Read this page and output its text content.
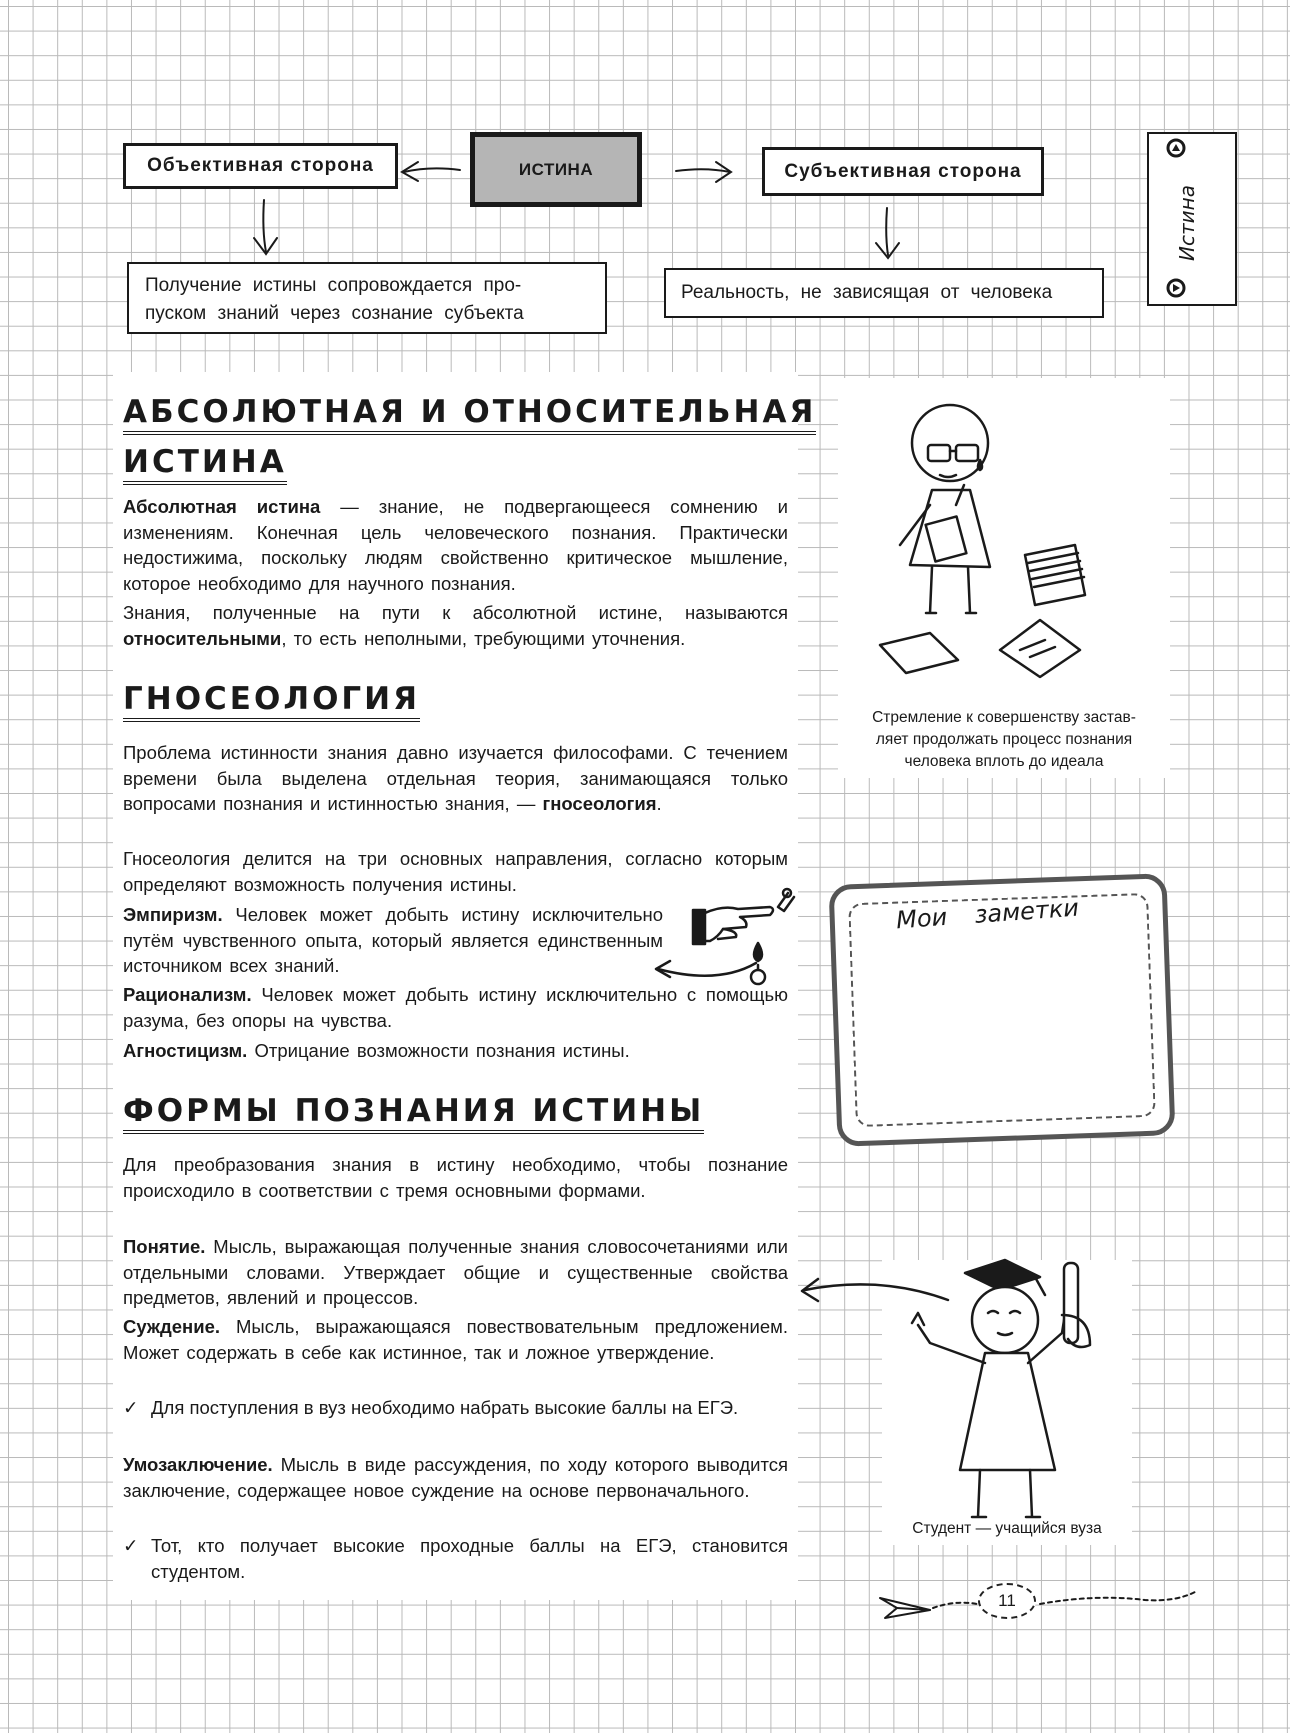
Объективная сторона	ИСТИНА	Субъективная сторона
Получение истины сопровождается про-
пуском знаний через сознание субъекта
Реальность, не зависящая от человека
Истина
АБСОЛЮТНАЯ И ОТНОСИТЕЛЬНАЯ
ИСТИНА
Абсолютная истина — знание, не подвергающееся сомнению и изменениям. Конечная цель человеческого познания. Практически недостижима, поскольку людям свойственно критическое мышление, которое необходимо для научного познания.
Знания, полученные на пути к абсолютной истине, называются относительными, то есть неполными, требующими уточнения.
ГНОСЕОЛОГИЯ
Проблема истинности знания давно изучается философами. С течением времени была выделена отдельная теория, занимающаяся только вопросами познания и истинностью знания, — гносеология.
Гносеология делится на три основных направления, согласно которым определяют возможность получения истины.
Эмпиризм. Человек может добыть истину исключительно путём чувственного опыта, который является единственным источником всех знаний.
Рационализм. Человек может добыть истину исключительно с помощью разума, без опоры на чувства.
Агностицизм. Отрицание возможности познания истины.
ФОРМЫ ПОЗНАНИЯ ИСТИНЫ
Для преобразования знания в истину необходимо, чтобы познание происходило в соответствии с тремя основными формами.
Понятие. Мысль, выражающая полученные знания словосочетаниями или отдельными словами. Утверждает общие и существенные свойства предметов, явлений и процессов.
Суждение. Мысль, выражающаяся повествовательным предложением. Может содержать в себе как истинное, так и ложное утверждение.
✓ Для поступления в вуз необходимо набрать высокие баллы на ЕГЭ.
Умозаключение. Мысль в виде рассуждения, по ходу которого выводится заключение, содержащее новое суждение на основе первоначального.
✓ Тот, кто получает высокие проходные баллы на ЕГЭ, становится студентом.
Стремление к совершенству застав-
ляет продолжать процесс познания
человека вплоть до идеала
Мои заметки
Студент — учащийся вуза
11
